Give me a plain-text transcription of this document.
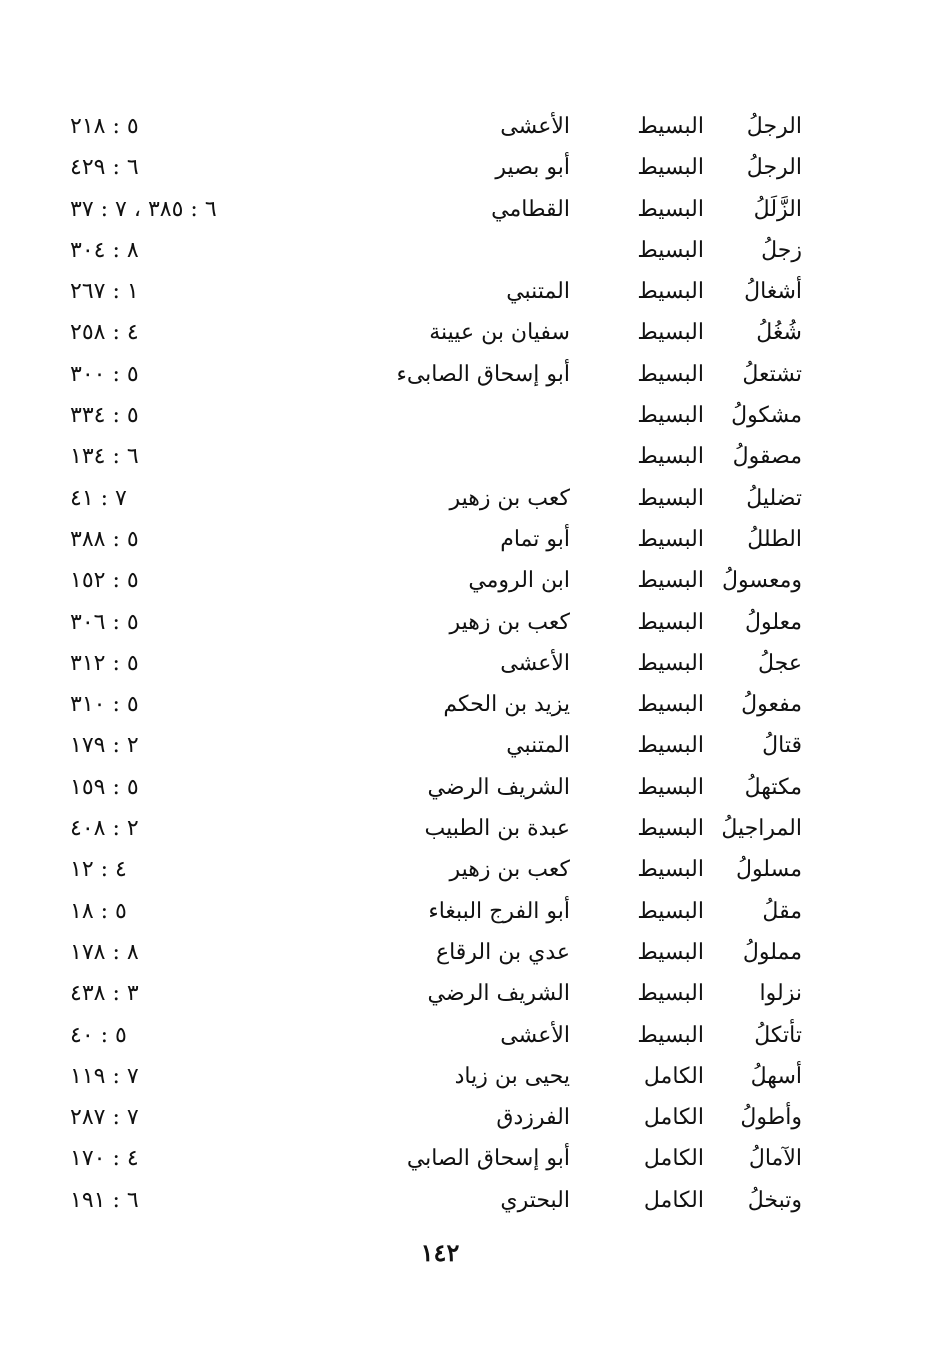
الرجلُ
البسيط
الأعشى
٥ : ٢١٨
الرجلُ
البسيط
أبو بصير
٦ : ٤٢٩
الزَّلَلُ
البسيط
القطامي
٦ : ٣٨٥ ، ٧ : ٣٧
زجلُ
البسيط
٨ : ٣٠٤
أشغالُ
البسيط
المتنبي
١ : ٢٦٧
شُغُلُ
البسيط
سفيان بن عيينة
٤ : ٢٥٨
تشتعلُ
البسيط
أبو إسحاق الصابىء
٥ : ٣٠٠
مشكولُ
البسيط
٥ : ٣٣٤
مصقولُ
البسيط
٦ : ١٣٤
تضليلُ
البسيط
كعب بن زهير
٧ : ٤١
الطللُ
البسيط
أبو تمام
٥ : ٣٨٨
ومعسولُ
البسيط
ابن الرومي
٥ : ١٥٢
معلولُ
البسيط
كعب بن زهير
٥ : ٣٠٦
عجلُ
البسيط
الأعشى
٥ : ٣١٢
مفعولُ
البسيط
يزيد بن الحكم
٥ : ٣١٠
قتالُ
البسيط
المتنبي
٢ : ١٧٩
مكتهلُ
البسيط
الشريف الرضي
٥ : ١٥٩
المراجيلُ
البسيط
عبدة بن الطبيب
٢ : ٤٠٨
مسلولُ
البسيط
كعب بن زهير
٤ : ١٢
مقلُ
البسيط
أبو الفرج الببغاء
٥ : ١٨
مملولُ
البسيط
عدي بن الرقاع
٨ : ١٧٨
نزلوا
البسيط
الشريف الرضي
٣ : ٤٣٨
تأتكلُ
البسيط
الأعشى
٥ : ٤٠
أسهلُ
الكامل
يحيى بن زياد
٧ : ١١٩
وأطولُ
الكامل
الفرزدق
٧ : ٢٨٧
الآمالُ
الكامل
أبو إسحاق الصابي
٤ : ١٧٠
وتبخلُ
الكامل
البحتري
٦ : ١٩١
١٤٢
